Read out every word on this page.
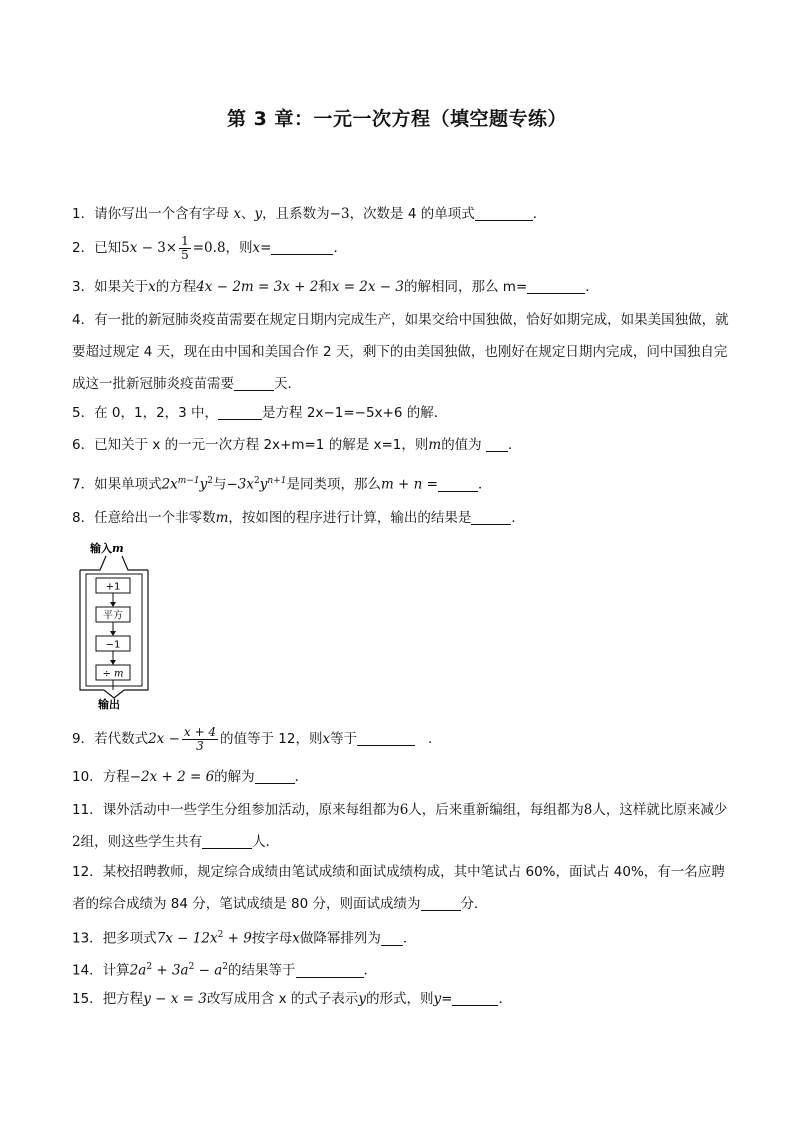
第 3 章：一元一次方程（填空题专练）
1．请你写出一个含有字母 x、y，且系数为−3，次数是 4 的单项式	．
2．已知$5x - 3\times \frac{1}{5} =0.8$，则x=	．
3．如果关于x的方程4x − 2m = 3x + 2和x = 2x − 3的解相同，那么 m=	．
4．有一批的新冠肺炎疫苗需要在规定日期内完成生产，如果交给中国独做，恰好如期完成，如果美国独做，就要超过规定 4 天，现在由中国和美国合作 2 天，剩下的由美国独做，也刚好在规定日期内完成，问中国独自完成这一批新冠肺炎疫苗需要	天．
5．在 0，1，2，3 中，	是方程 2x−1=−5x+6 的解．
6．已知关于 x 的一元一次方程 2x+m=1 的解是 x=1，则m的值为 ．
7．如果单项式$2x^{m-1}y^2$与$-3x^2y^{n+1}$是同类项，那么m + n =	．
8．任意给出一个非零数m，按如图的程序进行计算，输出的结果是	．
输入m
+1
平方
−1
÷ m
输出
9．若代数式$2x - \frac{x + 4}{3}$ 的值等于 12，则x等于	．
10．方程−2x + 2 = 6的解为	．
11．课外活动中一些学生分组参加活动，原来每组都为6人，后来重新编组，每组都为8人，这样就比原来减少2组，则这些学生共有	人．
12．某校招聘教师，规定综合成绩由笔试成绩和面试成绩构成，其中笔试占 60%，面试占 40%，有一名应聘者的综合成绩为 84 分，笔试成绩是 80 分，则面试成绩为	分．
13．把多项式$7x - 12x^2 + 9$按字母x做降幂排列为 ．
14．计算$2a^2 + 3a^2 - a^2$的结果等于	．
15．把方程y − x = 3改写成用含 x 的式子表示y的形式，则y=	．
